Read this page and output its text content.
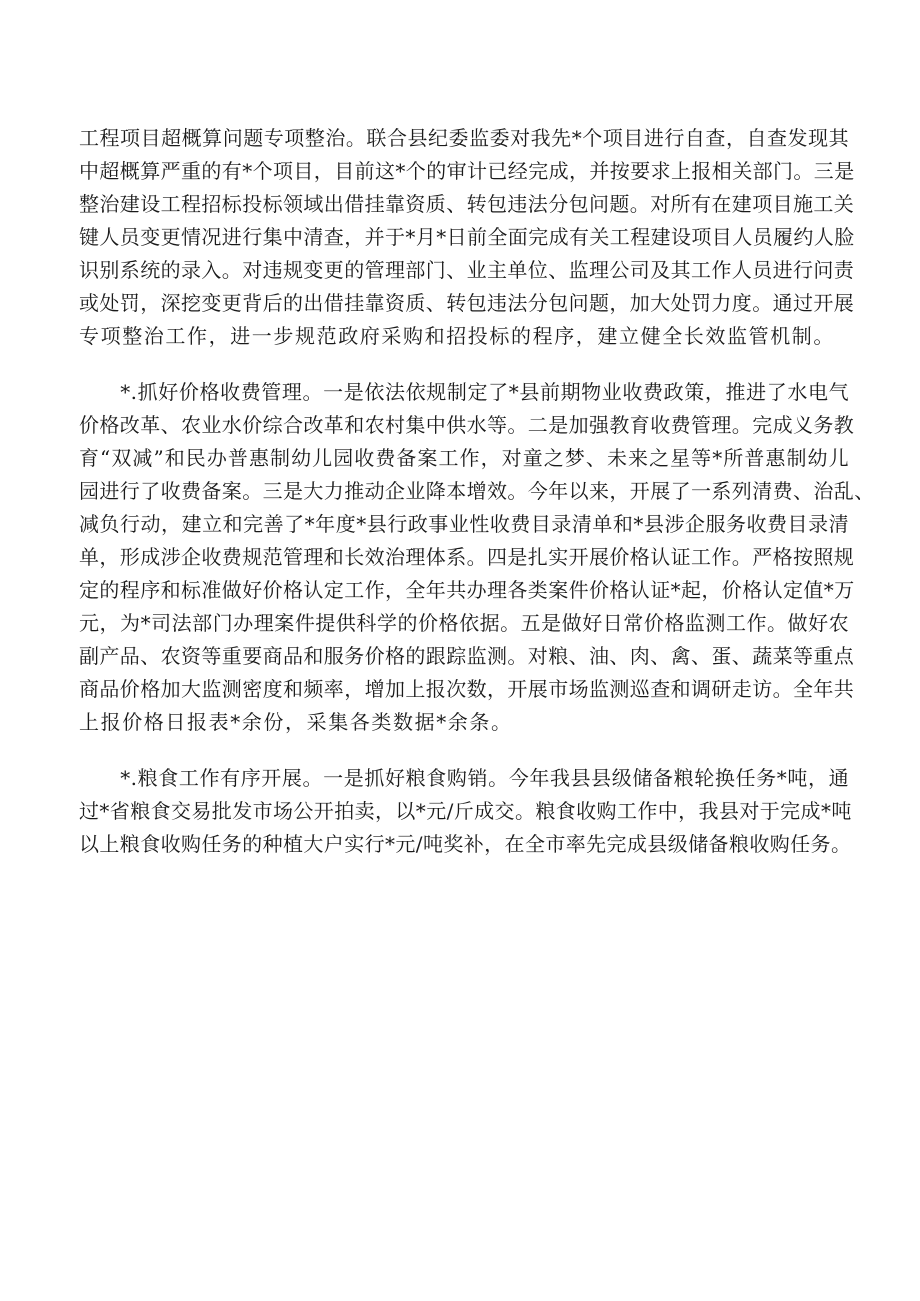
工程项目超概算问题专项整治。联合县纪委监委对我先*个项目进行自查，自查发现其
中超概算严重的有*个项目，目前这*个的审计已经完成，并按要求上报相关部门。三是
整治建设工程招标投标领域出借挂靠资质、转包违法分包问题。对所有在建项目施工关
键人员变更情况进行集中清查，并于*月*日前全面完成有关工程建设项目人员履约人脸
识别系统的录入。对违规变更的管理部门、业主单位、监理公司及其工作人员进行问责
或处罚，深挖变更背后的出借挂靠资质、转包违法分包问题，加大处罚力度。通过开展
专项整治工作，进一步规范政府采购和招投标的程序，建立健全长效监管机制。
　　*.抓好价格收费管理。一是依法依规制定了*县前期物业收费政策，推进了水电气
价格改革、农业水价综合改革和农村集中供水等。二是加强教育收费管理。完成义务教
育“双减”和民办普惠制幼儿园收费备案工作，对童之梦、未来之星等*所普惠制幼儿
园进行了收费备案。三是大力推动企业降本增效。今年以来，开展了一系列清费、治乱、
减负行动，建立和完善了*年度*县行政事业性收费目录清单和*县涉企服务收费目录清
单，形成涉企收费规范管理和长效治理体系。四是扎实开展价格认证工作。严格按照规
定的程序和标准做好价格认定工作，全年共办理各类案件价格认证*起，价格认定值*万
元，为*司法部门办理案件提供科学的价格依据。五是做好日常价格监测工作。做好农
副产品、农资等重要商品和服务价格的跟踪监测。对粮、油、肉、禽、蛋、蔬菜等重点
商品价格加大监测密度和频率，增加上报次数，开展市场监测巡查和调研走访。全年共
上报价格日报表*余份，采集各类数据*余条。
　　*.粮食工作有序开展。一是抓好粮食购销。今年我县县级储备粮轮换任务*吨，通
过*省粮食交易批发市场公开拍卖，以*元/斤成交。粮食收购工作中，我县对于完成*吨
以上粮食收购任务的种植大户实行*元/吨奖补，在全市率先完成县级储备粮收购任务。
